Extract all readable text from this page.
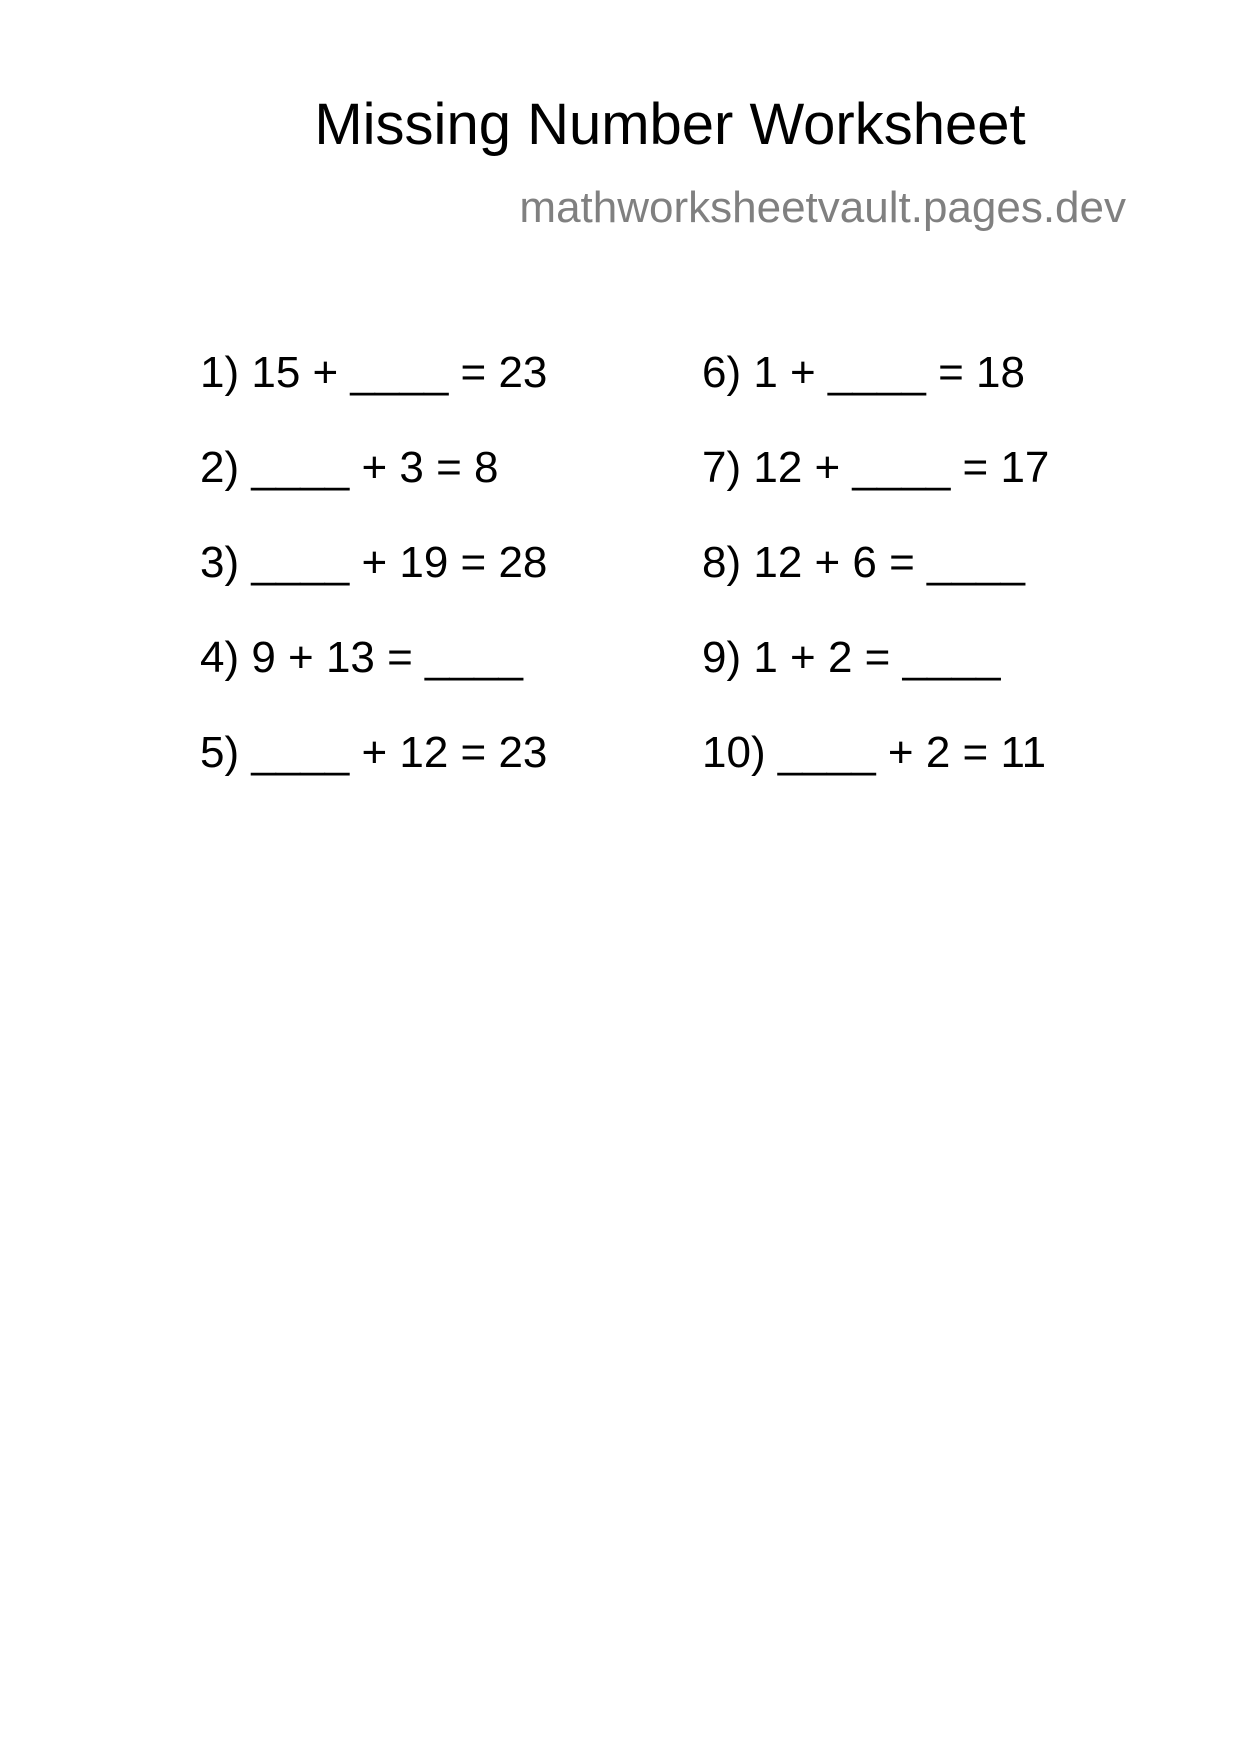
Missing Number Worksheet
mathworksheetvault.pages.dev
1) 15 + ____ = 23
2) ____ + 3 = 8
3) ____ + 19 = 28
4) 9 + 13 = ____
5) ____ + 12 = 23
6) 1 + ____ = 18
7) 12 + ____ = 17
8) 12 + 6 = ____
9) 1 + 2 = ____
10) ____ + 2 = 11
